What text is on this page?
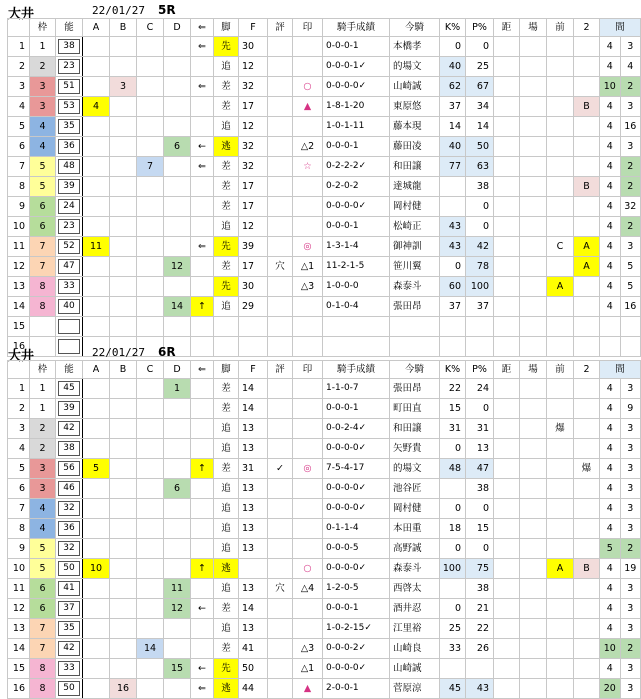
大井	22/01/27 5R
	枠	能	A	B	C	D	⇐	脚	F	評	印	騎手成績	今騎	K%	P%	距	場	前	2	間	
1	1	38					⇐	先	30			0-0-0-1	本橋孝	0	0					4	3
2	2	23						追	12			0-0-0-1✓	的場文	40	25					4	4
3	3	51		3			⇐	差	32		○	0-0-0-0✓	山崎誠	62	67					10	2
4	3	53	4					差	17		▲	1-8-1-20	東原悠	37	34				B	4	3
5	4	35						追	12			1-0-1-11	藤本現	14	14					4	16
6	4	36				6	←	逃	32		△2	0-0-0-1	藤田凌	40	50					4	3
7	5	48			7		⇐	差	32		☆	0-2-2-2✓	和田譲	77	63					4	2
8	5	39						差	17			0-2-0-2	達城龍		38				B	4	2
9	6	24						差	17			0-0-0-0✓	岡村健		0					4	32
10	6	23						追	12			0-0-0-1	松崎正	43	0					4	2
11	7	52	11				⇐	先	39		◎	1-3-1-4	御神訓	43	42			C	A	4	3
12	7	47				12		差	17	穴	△1	11-2-1-5	笹川翼	0	78				A	4	5
13	8	33						先	30		△3	1-0-0-0	森泰斗	60	100			A		4	5
14	8	40				14	↑	追	29			0-1-0-4	張田昂	37	37					4	16
15		

16		

大井	22/01/27 6R
	枠	能	A	B	C	D	⇐	脚	F	評	印	騎手成績	今騎	K%	P%	距	場	前	2	間	
1	1	45				1		差	14			1-1-0-7	張田昂	22	24					4	3
2	1	39						差	14			0-0-0-1	町田直	15	0					4	9
3	2	42						追	13			0-0-2-4✓	和田譲	31	31			爆		4	3
4	2	38						追	13			0-0-0-0✓	矢野貴	0	13					4	3
5	3	56	5				↑	差	31	✓	◎	7-5-4-17	的場文	48	47				爆	4	3
6	3	46				6		追	13			0-0-0-0✓	池谷匠		38					4	3
7	4	32						追	13			0-0-0-0✓	岡村健	0	0					4	3
8	4	36						追	13			0-1-1-4	本田重	18	15					4	3
9	5	32						追	13			0-0-0-5	高野誠	0	0					5	2
10	5	50	10				↑	逃			○	0-0-0-0✓	森泰斗	100	75			A	B	4	19
11	6	41				11		追	13	穴	△4	1-2-0-5	西啓太		38					4	3
12	6	37				12	←	差	14			0-0-0-1	酒井忍	0	21					4	3
13	7	35						追	13			1-0-2-15✓	江里裕	25	22					4	3
14	7	42			14			差	41		△3	0-0-0-2✓	山崎良	33	26					10	2
15	8	33				15	←	先	50		△1	0-0-0-0✓	山崎誠							4	3
16	8	50		16			⇐	逃	44		▲	2-0-0-1	菅原涼	45	43					20	3
